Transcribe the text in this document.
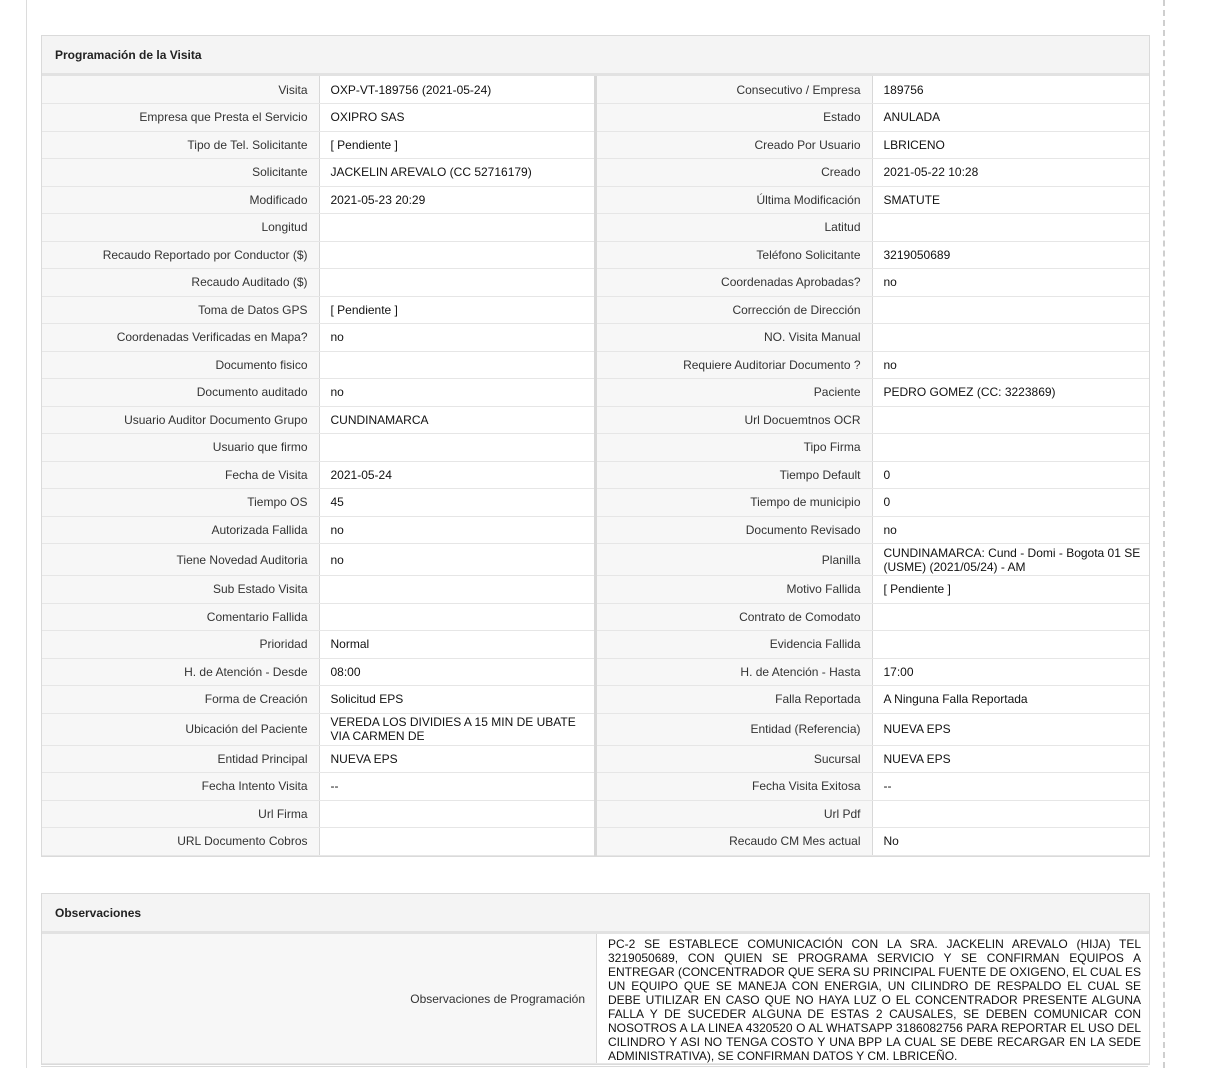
Programación de la Visita
Visita	OXP-VT-189756 (2021-05-24)	Consecutivo / Empresa	189756
Empresa que Presta el Servicio	OXIPRO SAS	Estado	ANULADA
Tipo de Tel. Solicitante	[ Pendiente ]	Creado Por Usuario	LBRICENO
Solicitante	JACKELIN AREVALO (CC 52716179)	Creado	2021-05-22 10:28
Modificado	2021-05-23 20:29	Última Modificación	SMATUTE
Longitud		Latitud	
Recaudo Reportado por Conductor ($)		Teléfono Solicitante	3219050689
Recaudo Auditado ($)		Coordenadas Aprobadas?	no
Toma de Datos GPS	[ Pendiente ]	Corrección de Dirección	
Coordenadas Verificadas en Mapa?	no	NO. Visita Manual	
Documento fisico		Requiere Auditoriar Documento ?	no
Documento auditado	no	Paciente	PEDRO GOMEZ (CC: 3223869)
Usuario Auditor Documento Grupo	CUNDINAMARCA	Url Docuemtnos OCR	
Usuario que firmo		Tipo Firma	
Fecha de Visita	2021-05-24	Tiempo Default	0
Tiempo OS	45	Tiempo de municipio	0
Autorizada Fallida	no	Documento Revisado	no
Tiene Novedad Auditoria	no	Planilla	CUNDINAMARCA: Cund - Domi - Bogota 01 SE (USME) (2021/05/24) - AM
Sub Estado Visita		Motivo Fallida	[ Pendiente ]
Comentario Fallida		Contrato de Comodato	
Prioridad	Normal	Evidencia Fallida	
H. de Atención - Desde	08:00	H. de Atención - Hasta	17:00
Forma de Creación	Solicitud EPS	Falla Reportada	A Ninguna Falla Reportada
Ubicación del Paciente	VEREDA LOS DIVIDIES A 15 MIN DE UBATE VIA CARMEN DE	Entidad (Referencia)	NUEVA EPS
Entidad Principal	NUEVA EPS	Sucursal	NUEVA EPS
Fecha Intento Visita	--	Fecha Visita Exitosa	--
Url Firma		Url Pdf	
URL Documento Cobros		Recaudo CM Mes actual	No
Observaciones
Observaciones de Programación	PC-2 SE ESTABLECE COMUNICACIÓN CON LA SRA. JACKELIN AREVALO (HIJA) TEL 3219050689, CON QUIEN SE PROGRAMA SERVICIO Y SE CONFIRMAN EQUIPOS A ENTREGAR (CONCENTRADOR QUE SERA SU PRINCIPAL FUENTE DE OXIGENO, EL CUAL ES UN EQUIPO QUE SE MANEJA CON ENERGIA, UN CILINDRO DE RESPALDO EL CUAL SE DEBE UTILIZAR EN CASO QUE NO HAYA LUZ O EL CONCENTRADOR PRESENTE ALGUNA FALLA Y DE SUCEDER ALGUNA DE ESTAS 2 CAUSALES, SE DEBEN COMUNICAR CON NOSOTROS A LA LINEA 4320520 O AL WHATSAPP 3186082756 PARA REPORTAR EL USO DEL CILINDRO Y ASI NO TENGA COSTO Y UNA BPP LA CUAL SE DEBE RECARGAR EN LA SEDE ADMINISTRATIVA), SE CONFIRMAN DATOS Y CM. LBRICEÑO.
